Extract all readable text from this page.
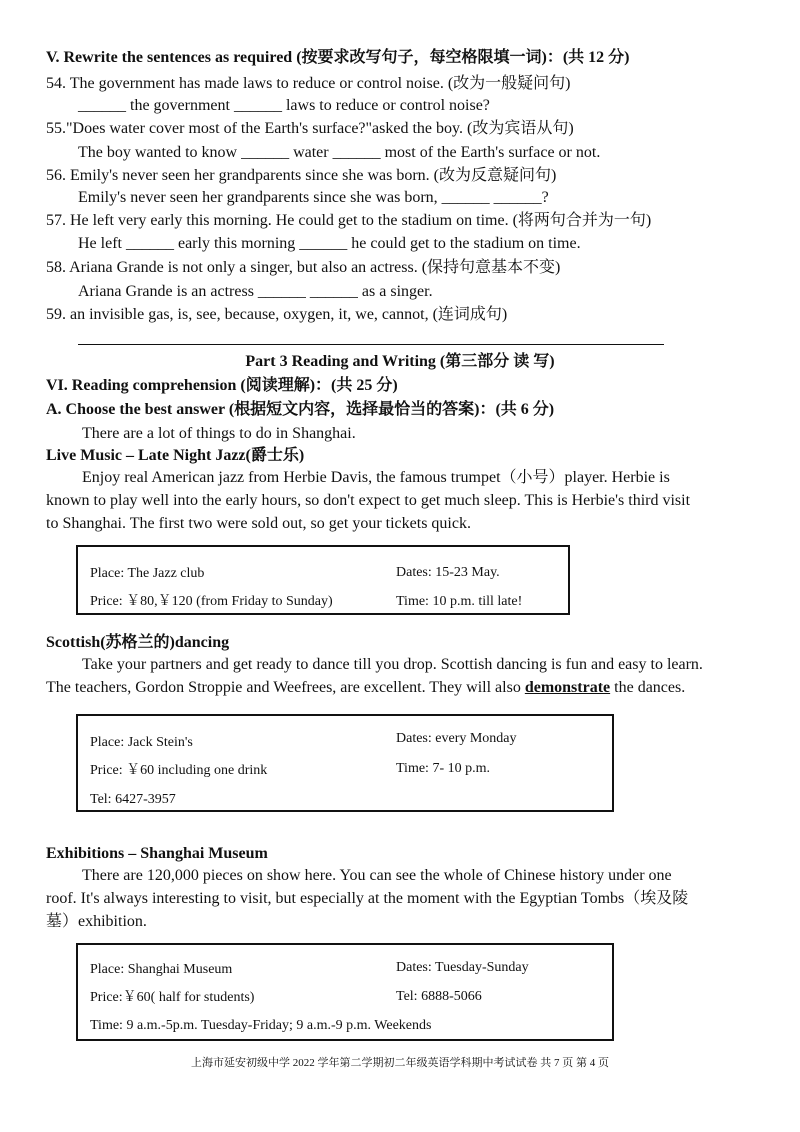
V. Rewrite the sentences as required (按要求改写句子，每空格限填一词)：(共 12 分)
54. The government has made laws to reduce or control noise. (改为一般疑问句)
______ the government ______ laws to reduce or control noise?
55."Does water cover most of the Earth's surface?"asked the boy. (改为宾语从句)
The boy wanted to know ______ water ______ most of the Earth's surface or not.
56. Emily's never seen her grandparents since she was born. (改为反意疑问句)
Emily's never seen her grandparents since she was born, ______ ______?
57. He left very early this morning. He could get to the stadium on time. (将两句合并为一句)
He left ______ early this morning ______ he could get to the stadium on time.
58. Ariana Grande is not only a singer, but also an actress. (保持句意基本不变)
Ariana Grande is an actress ______ ______ as a singer.
59. an invisible gas, is, see, because, oxygen, it, we, cannot, (连词成句)
Part 3 Reading and Writing (第三部分 读 写)
VI. Reading comprehension (阅读理解)：(共 25 分)
A. Choose the best answer (根据短文内容，选择最恰当的答案)：(共 6 分)
There are a lot of things to do in Shanghai.
Live Music – Late Night Jazz(爵士乐)
Enjoy real American jazz from Herbie Davis, the famous trumpet（小号）player. Herbie is
known to play well into the early hours, so don't expect to get much sleep. This is Herbie's third visit
to Shanghai. The first two were sold out, so get your tickets quick.
Place: The Jazz club	Dates: 15-23 May.
Price: ￥80,￥120 (from Friday to Sunday)	Time: 10 p.m. till late!
Scottish(苏格兰的)dancing
Take your partners and get ready to dance till you drop. Scottish dancing is fun and easy to learn.
The teachers, Gordon Stroppie and Weefrees, are excellent. They will also demonstrate the dances.
Place: Jack Stein's	Dates: every Monday
Price: ￥60 including one drink	Time: 7- 10 p.m.
Tel: 6427-3957
Exhibitions – Shanghai Museum
There are 120,000 pieces on show here. You can see the whole of Chinese history under one
roof. It's always interesting to visit, but especially at the moment with the Egyptian Tombs（埃及陵
墓）exhibition.
Place: Shanghai Museum	Dates: Tuesday-Sunday
Price:￥60( half for students)	Tel: 6888-5066
Time: 9 a.m.-5p.m. Tuesday-Friday; 9 a.m.-9 p.m. Weekends
上海市延安初级中学 2022 学年第二学期初二年级英语学科期中考试试卷 共 7 页 第 4 页
